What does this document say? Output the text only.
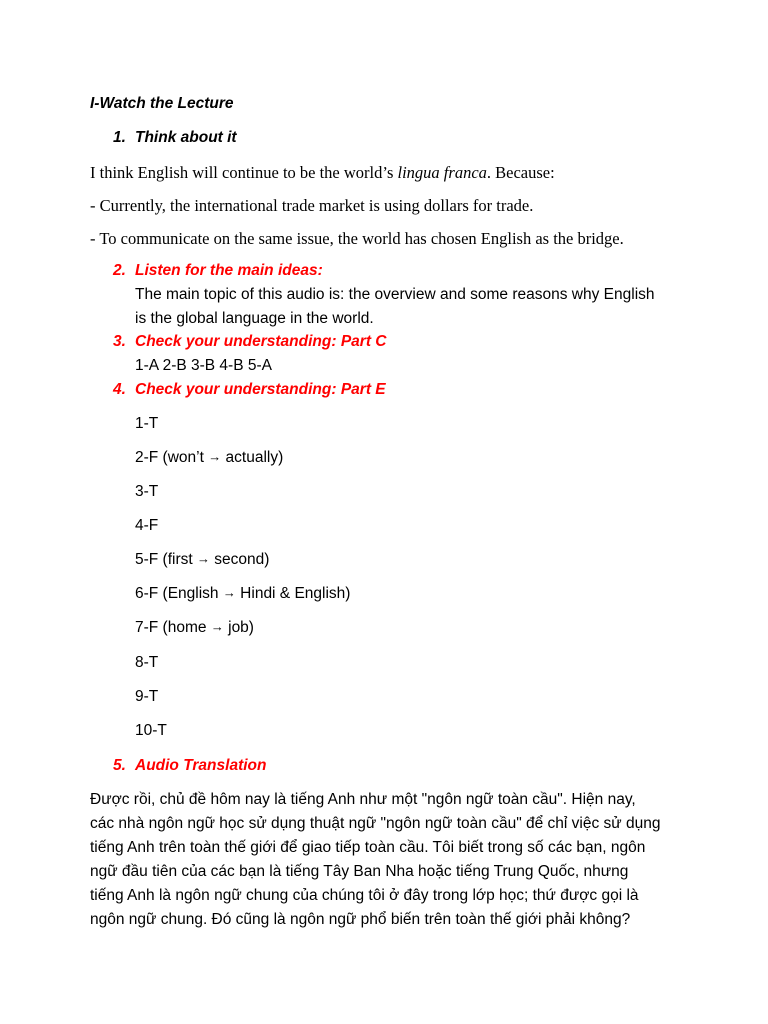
I-Watch the Lecture
1. Think about it
I think English will continue to be the world’s lingua franca. Because:
- Currently, the international trade market is using dollars for trade.
- To communicate on the same issue, the world has chosen English as the bridge.
2. Listen for the main ideas:
The main topic of this audio is: the overview and some reasons why English
is the global language in the world.
3. Check your understanding: Part C
1-A 2-B 3-B 4-B 5-A
4. Check your understanding: Part E
1-T
2-F (won’t → actually)
3-T
4-F
5-F (first → second)
6-F (English → Hindi & English)
7-F (home → job)
8-T
9-T
10-T
5. Audio Translation
Được rồi, chủ đề hôm nay là tiếng Anh như một "ngôn ngữ toàn cầu". Hiện nay,
các nhà ngôn ngữ học sử dụng thuật ngữ "ngôn ngữ toàn cầu" để chỉ việc sử dụng
tiếng Anh trên toàn thế giới để giao tiếp toàn cầu. Tôi biết trong số các bạn, ngôn
ngữ đầu tiên của các bạn là tiếng Tây Ban Nha hoặc tiếng Trung Quốc, nhưng
tiếng Anh là ngôn ngữ chung của chúng tôi ở đây trong lớp học; thứ được gọi là
ngôn ngữ chung. Đó cũng là ngôn ngữ phổ biến trên toàn thế giới phải không?
